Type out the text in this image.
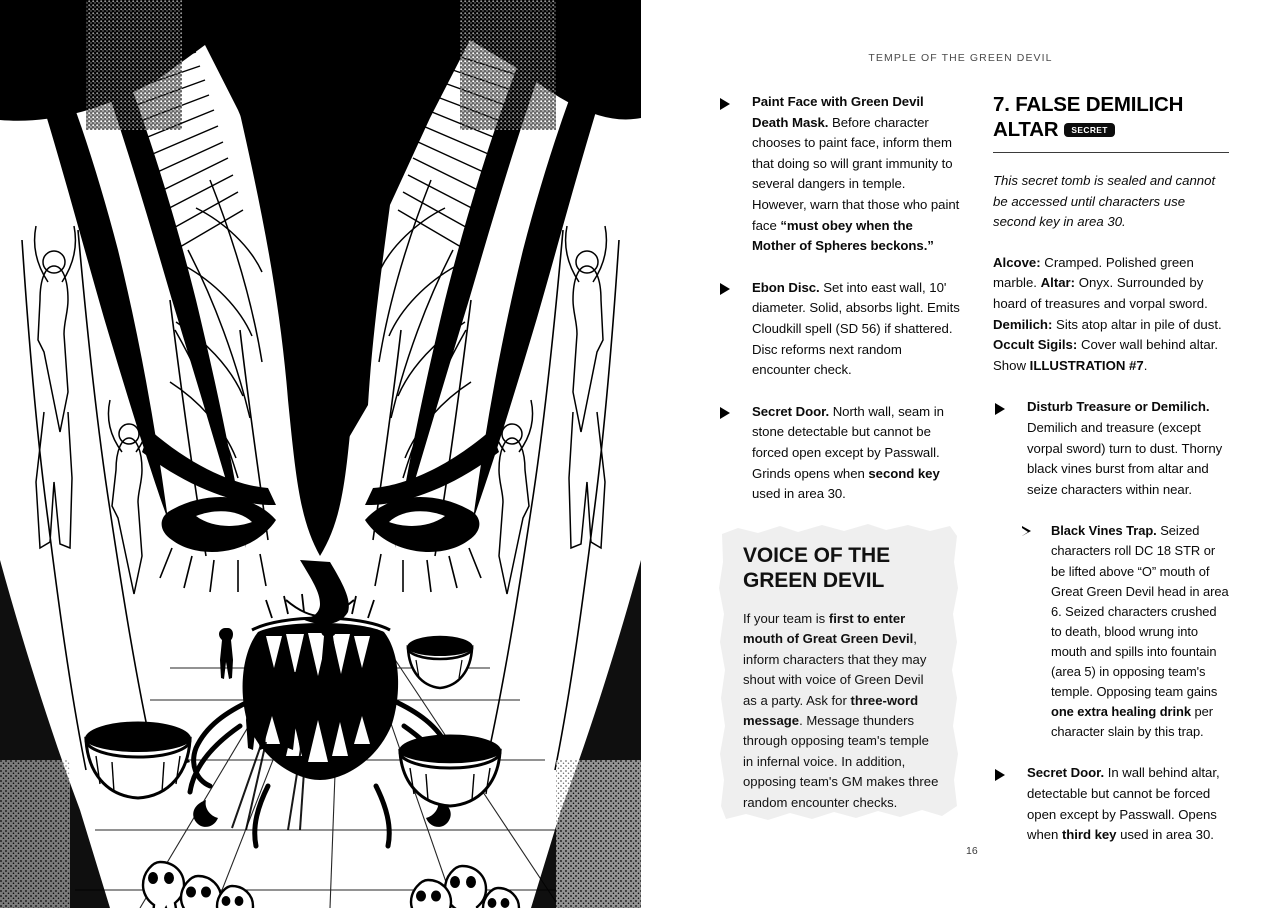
TEMPLE OF THE GREEN DEVIL
Paint Face with Green Devil Death Mask. Before character chooses to paint face, inform them that doing so will grant immunity to several dangers in temple. However, warn that those who paint face “must obey when the Mother of Spheres beckons.”
Ebon Disc. Set into east wall, 10' diameter. Solid, absorbs light. Emits Cloudkill spell (SD 56) if shattered. Disc reforms next random encounter check.
Secret Door. North wall, seam in stone detectable but cannot be forced open except by Passwall. Grinds opens when second key used in area 30.
VOICE OF THE GREEN DEVIL
If your team is first to enter mouth of Great Green Devil, inform characters that they may shout with voice of Green Devil as a party. Ask for three-word message. Message thunders through opposing team's temple in infernal voice. In addition, opposing team's GM makes three random encounter checks.
7. FALSE DEMILICH ALTAR SECRET
This secret tomb is sealed and cannot be accessed until characters use second key in area 30.
Alcove: Cramped. Polished green marble. Altar: Onyx. Surrounded by hoard of treasures and vorpal sword. Demilich: Sits atop altar in pile of dust. Occult Sigils: Cover wall behind altar. Show ILLUSTRATION #7.
Disturb Treasure or Demilich. Demilich and treasure (except vorpal sword) turn to dust. Thorny black vines burst from altar and seize characters within near.
Black Vines Trap. Seized characters roll DC 18 STR or be lifted above “O” mouth of Great Green Devil head in area 6. Seized characters crushed to death, blood wrung into mouth and spills into fountain (area 5) in opposing team's temple. Opposing team gains one extra healing drink per character slain by this trap.
Secret Door. In wall behind altar, detectable but cannot be forced open except by Passwall. Opens when third key used in area 30.
16
